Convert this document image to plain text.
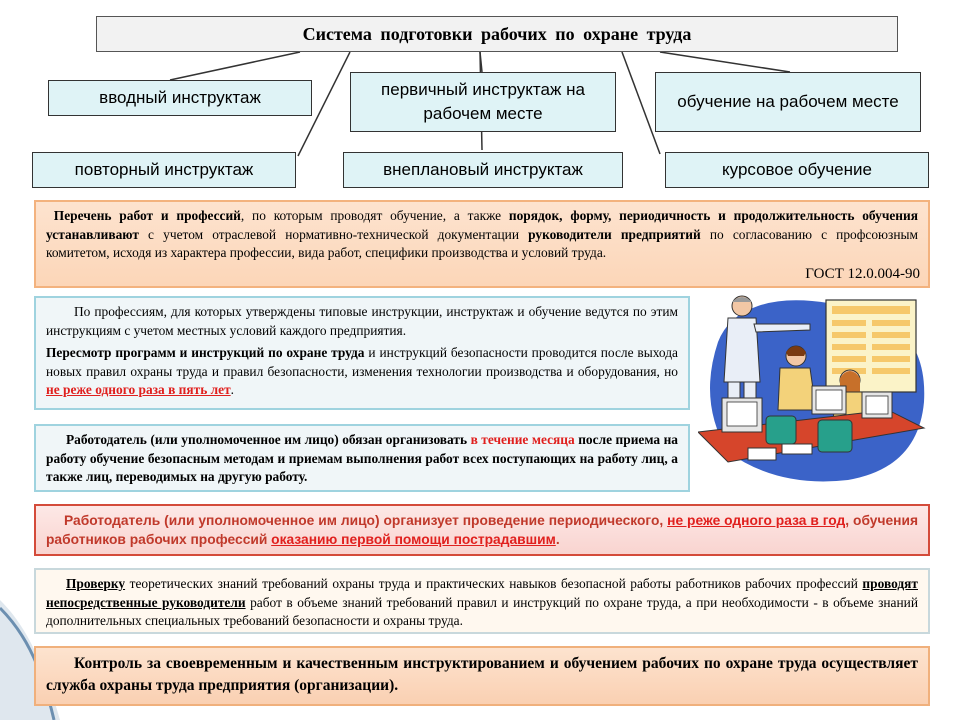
Система подготовки рабочих по охране труда
вводный инструктаж	первичный инструктаж на рабочем месте
обучение на рабочем месте
повторный инструктаж	внеплановый инструктаж	курсовое обучение
Перечень работ и профессий, по которым проводят обучение, а также порядок, форму, периодичность и продолжительность обучения устанавливают с учетом отраслевой нормативно-технической документации руководители предприятий по согласованию с профсоюзным комитетом, исходя из характера профессии, вида работ, специфики производства и условий труда.
ГОСТ 12.0.004-90
По профессиям, для которых утверждены типовые инструкции, инструктаж и обучение ведутся по этим инструкциям с учетом местных условий каждого предприятия.
Пересмотр программ и инструкций по охране труда и инструкций безопасности проводится после выхода новых правил охраны труда и правил безопасности, изменения технологии производства и оборудования, но не реже одного раза в пять лет.
Работодатель (или уполномоченное им лицо) обязан организовать в течение месяца после приема на работу обучение безопасным методам и приемам выполнения работ всех поступающих на работу лиц, а также лиц, переводимых на другую работу.
Работодатель (или уполномоченное им лицо) организует проведение периодического, не реже одного раза в год, обучения работников рабочих профессий оказанию первой помощи пострадавшим.
Проверку теоретических знаний требований охраны труда и практических навыков безопасной работы работников рабочих профессий проводят непосредственные руководители работ в объеме знаний требований правил и инструкций по охране труда, а при необходимости - в объеме знаний дополнительных специальных требований безопасности и охраны труда.
Контроль за своевременным и качественным инструктированием и обучением рабочих по охране труда осуществляет служба охраны труда предприятия (организации).
